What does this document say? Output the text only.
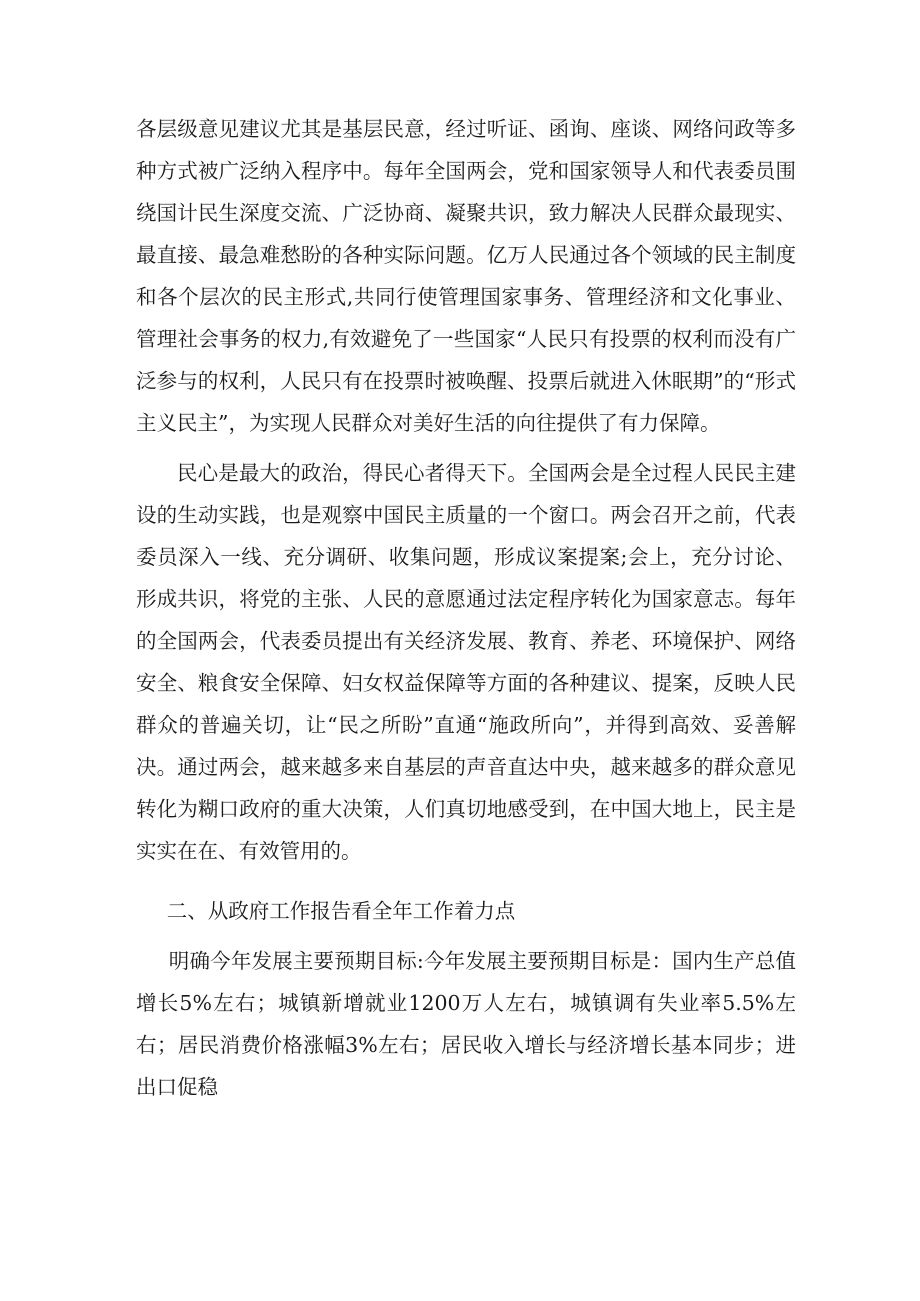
各层级意见建议尤其是基层民意，经过听证、函询、座谈、网络问政等多种方式被广泛纳入程序中。每年全国两会，党和国家领导人和代表委员围绕国计民生深度交流、广泛协商、凝聚共识，致力解决人民群众最现实、最直接、最急难愁盼的各种实际问题。亿万人民通过各个领域的民主制度和各个层次的民主形式,共同行使管理国家事务、管理经济和文化事业、管理社会事务的权力,有效避免了一些国家“人民只有投票的权利而没有广泛参与的权利，人民只有在投票时被唤醒、投票后就进入休眠期”的“形式主义民主”，为实现人民群众对美好生活的向往提供了有力保障。

民心是最大的政治，得民心者得天下。全国两会是全过程人民民主建设的生动实践，也是观察中国民主质量的一个窗口。两会召开之前，代表委员深入一线、充分调研、收集问题，形成议案提案;会上，充分讨论、形成共识，将党的主张、人民的意愿通过法定程序转化为国家意志。每年的全国两会，代表委员提出有关经济发展、教育、养老、环境保护、网络安全、粮食安全保障、妇女权益保障等方面的各种建议、提案，反映人民群众的普遍关切，让“民之所盼”直通“施政所向”，并得到高效、妥善解决。通过两会，越来越多来自基层的声音直达中央，越来越多的群众意见转化为糊口政府的重大决策，人们真切地感受到，在中国大地上，民主是实实在在、有效管用的。

二、从政府工作报告看全年工作着力点

明确今年发展主要预期目标:今年发展主要预期目标是：国内生产总值增长5%左右；城镇新增就业1200万人左右，城镇调有失业率5.5%左右；居民消费价格涨幅3%左右；居民收入增长与经济增长基本同步；进出口促稳
